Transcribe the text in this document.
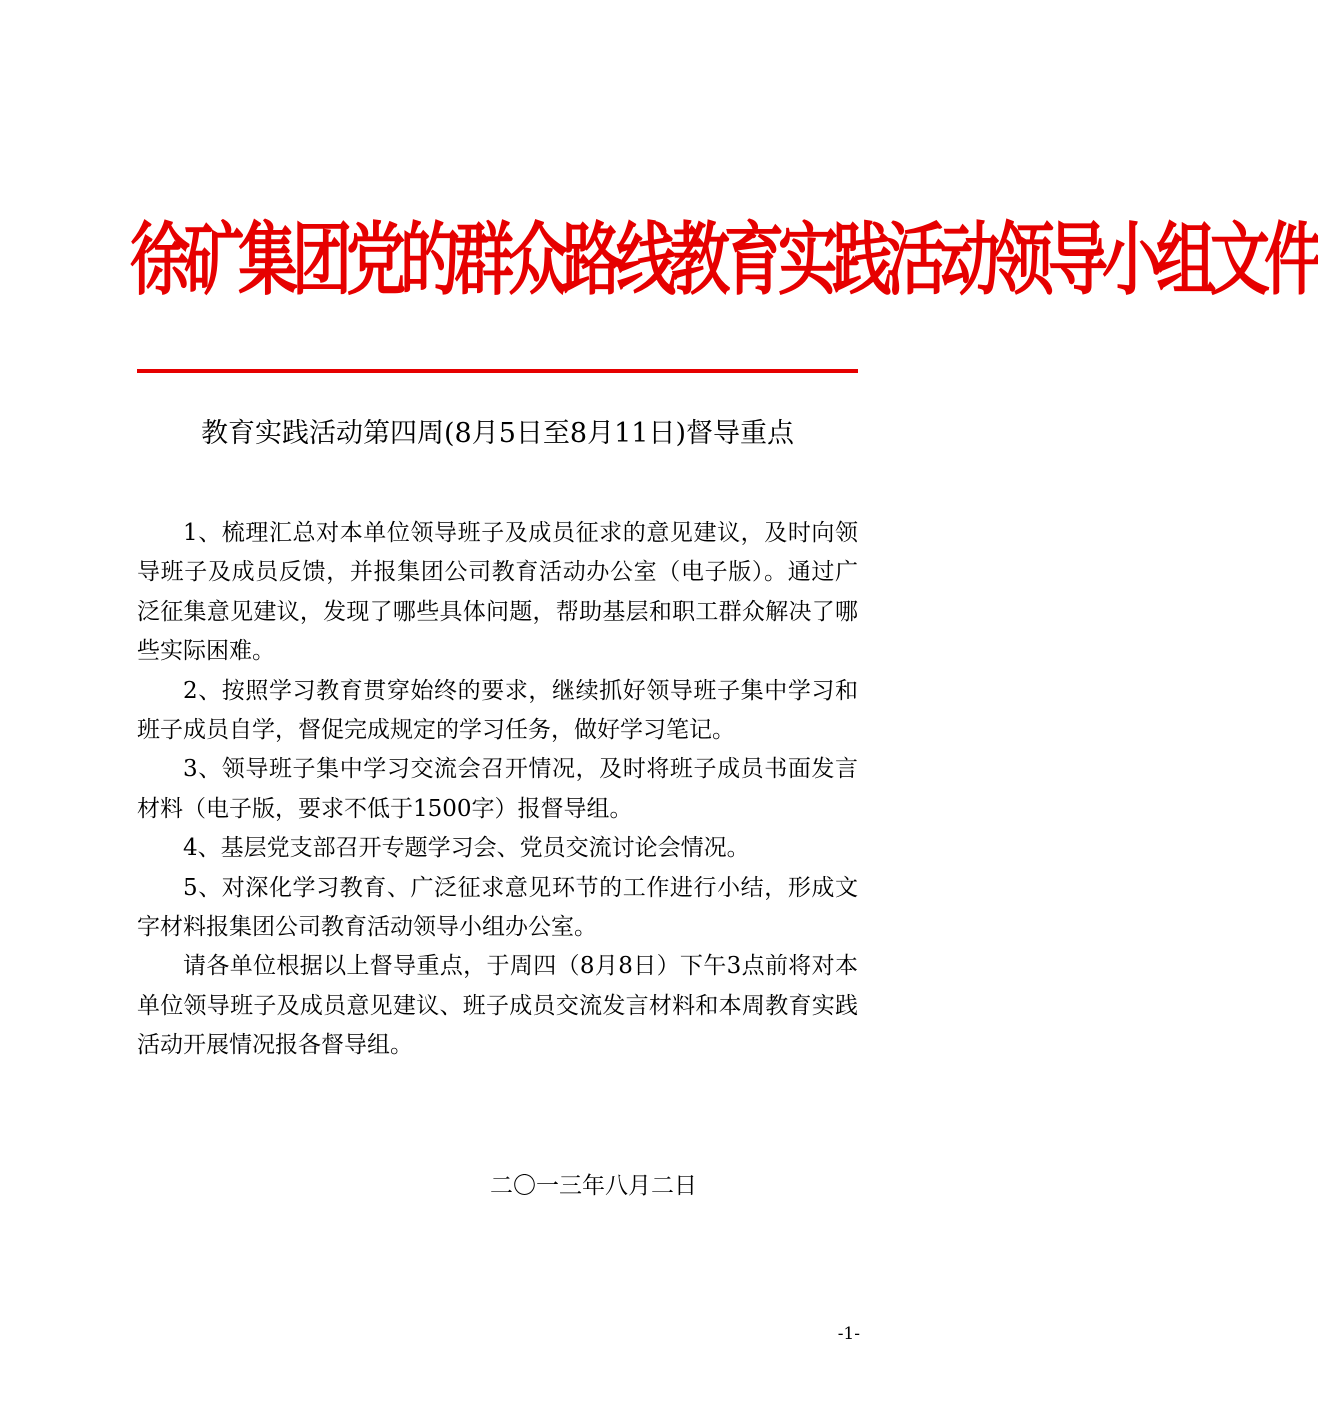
徐矿集团党的群众路线教育实践活动领导小组文件
教育实践活动第四周(8月5日至8月11日)督导重点

1、梳理汇总对本单位领导班子及成员征求的意见建议，及时向领导班子及成员反馈，并报集团公司教育活动办公室（电子版）。通过广泛征集意见建议，发现了哪些具体问题，帮助基层和职工群众解决了哪些实际困难。

2、按照学习教育贯穿始终的要求，继续抓好领导班子集中学习和班子成员自学，督促完成规定的学习任务，做好学习笔记。

3、领导班子集中学习交流会召开情况，及时将班子成员书面发言材料（电子版，要求不低于1500字）报督导组。

4、基层党支部召开专题学习会、党员交流讨论会情况。

5、对深化学习教育、广泛征求意见环节的工作进行小结，形成文字材料报集团公司教育活动领导小组办公室。

请各单位根据以上督导重点，于周四（8月8日）下午3点前将对本单位领导班子及成员意见建议、班子成员交流发言材料和本周教育实践活动开展情况报各督导组。

二〇一三年八月二日
-1-
